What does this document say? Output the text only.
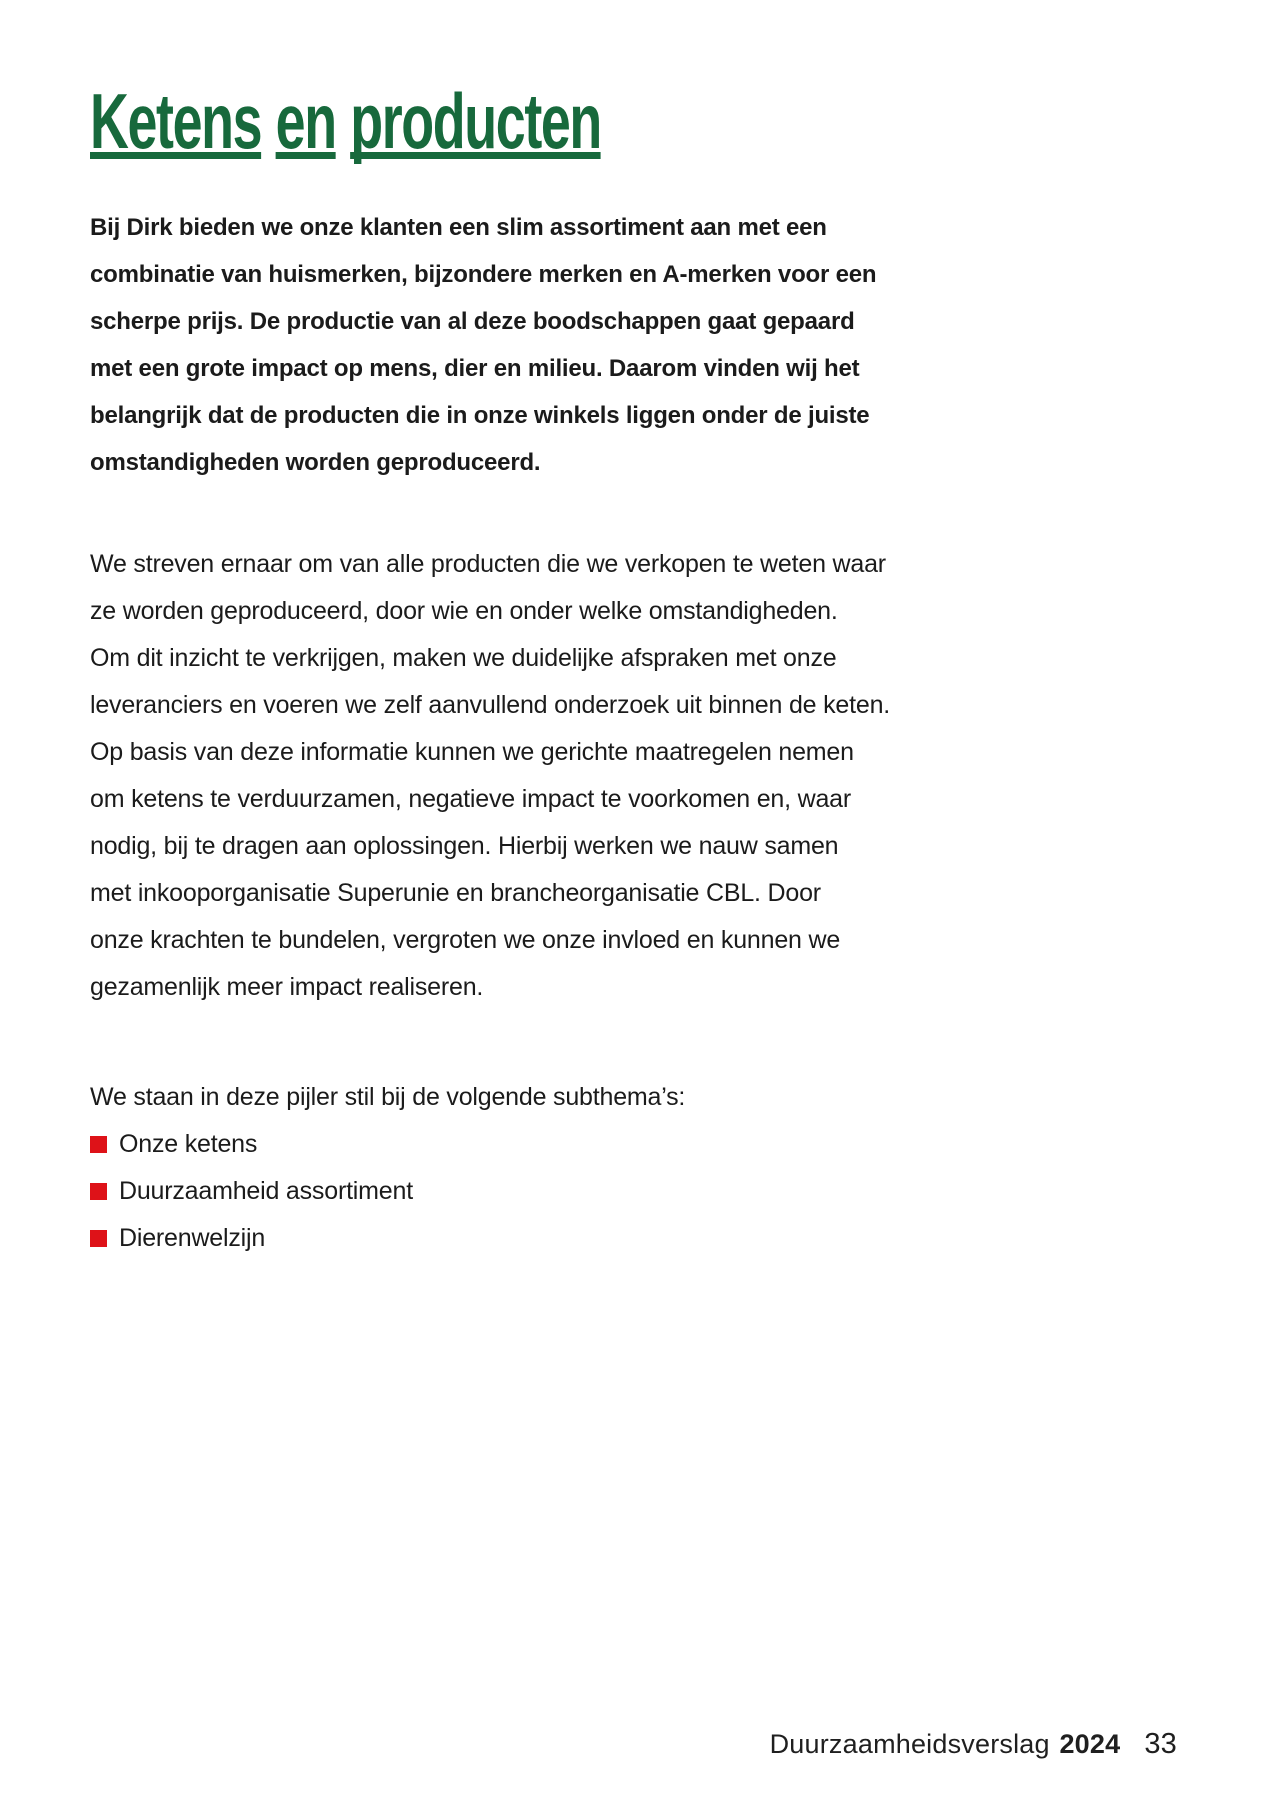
Ketens en producten
Bij Dirk bieden we onze klanten een slim assortiment aan met een
combinatie van huismerken, bijzondere merken en A-merken voor een
scherpe prijs. De productie van al deze boodschappen gaat gepaard
met een grote impact op mens, dier en milieu. Daarom vinden wij het
belangrijk dat de producten die in onze winkels liggen onder de juiste
omstandigheden worden geproduceerd.
We streven ernaar om van alle producten die we verkopen te weten waar
ze worden geproduceerd, door wie en onder welke omstandigheden.
Om dit inzicht te verkrijgen, maken we duidelijke afspraken met onze
leveranciers en voeren we zelf aanvullend onderzoek uit binnen de keten.
Op basis van deze informatie kunnen we gerichte maatregelen nemen
om ketens te verduurzamen, negatieve impact te voorkomen en, waar
nodig, bij te dragen aan oplossingen. Hierbij werken we nauw samen
met inkooporganisatie Superunie en brancheorganisatie CBL. Door
onze krachten te bundelen, vergroten we onze invloed en kunnen we
gezamenlijk meer impact realiseren.
We staan in deze pijler stil bij de volgende subthema’s:
Onze ketens
Duurzaamheid assortiment
Dierenwelzijn
Duurzaamheidsverslag 2024 33
